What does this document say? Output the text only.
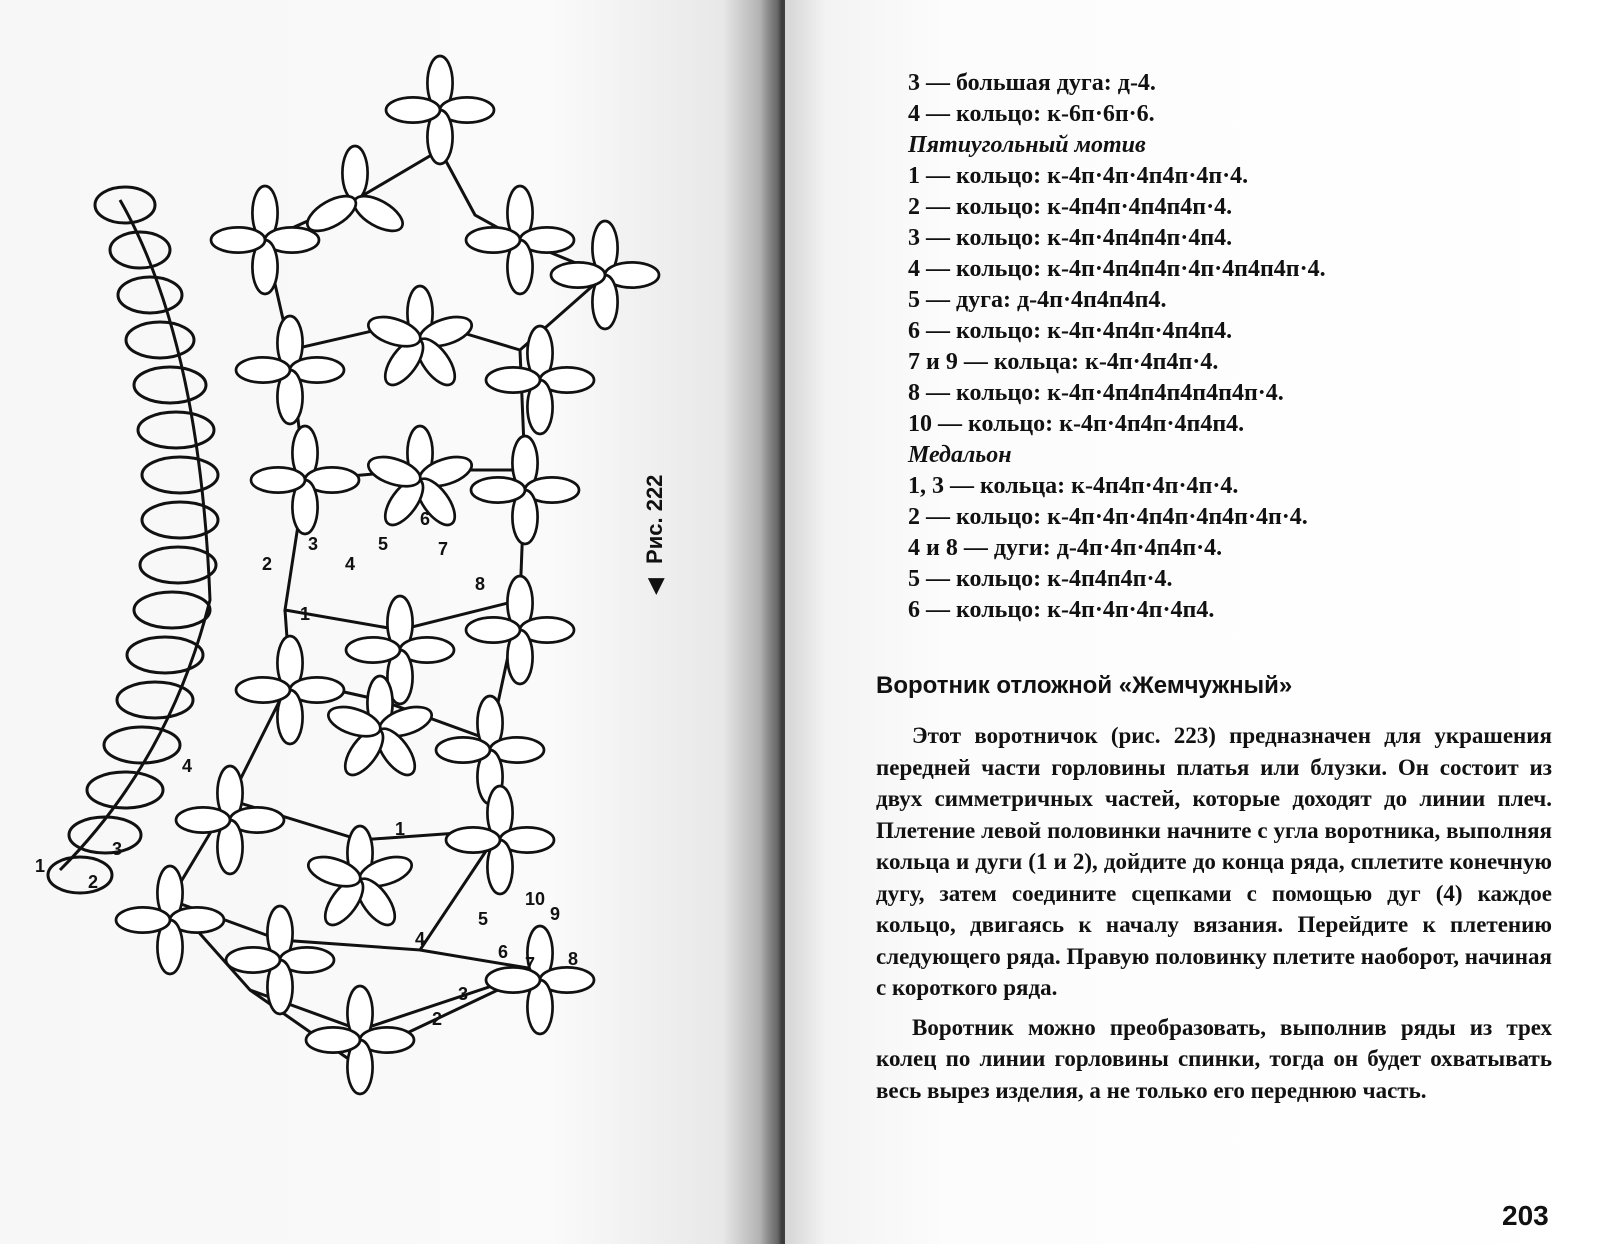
1
2
3
4
1
2
3
4
5
6
7
8
1
2
3
4
5
6
7 8
9
10
◀ Рис. 222
3 — большая дуга: д-4.
4 — кольцо: к-6п·6п·6.
Пятиугольный мотив
1 — кольцо: к-4п·4п·4п4п·4п·4.
2 — кольцо: к-4п4п·4п4п4п·4.
3 — кольцо: к-4п·4п4п4п·4п4.
4 — кольцо: к-4п·4п4п4п·4п·4п4п4п·4.
5 — дуга: д-4п·4п4п4п4.
6 — кольцо: к-4п·4п4п·4п4п4.
7 и 9 — кольца: к-4п·4п4п·4.
8 — кольцо: к-4п·4п4п4п4п4п4п·4.
10 — кольцо: к-4п·4п4п·4п4п4.
Медальон
1, 3 — кольца: к-4п4п·4п·4п·4.
2 — кольцо: к-4п·4п·4п4п·4п4п·4п·4.
4 и 8 — дуги: д-4п·4п·4п4п·4.
5 — кольцо: к-4п4п4п·4.
6 — кольцо: к-4п·4п·4п·4п4.
Воротник отложной «Жемчужный»

Этот воротничок (рис. 223) предназначен для украшения передней части горловины платья или блузки. Он состоит из двух симметричных частей, которые доходят до линии плеч. Плетение левой половинки начните с угла воротника, выполняя кольца и дуги (1 и 2), дойдите до конца ряда, сплетите конечную дугу, затем соедините сцепками с помощью дуг (4) каждое кольцо, двигаясь к началу вязания. Перейдите к плетению следующего ряда. Правую половинку плетите наоборот, начиная с короткого ряда.

Воротник можно преобразовать, выполнив ряды из трех колец по линии горловины спинки, тогда он будет охватывать весь вырез изделия, а не только его переднюю часть.

203
